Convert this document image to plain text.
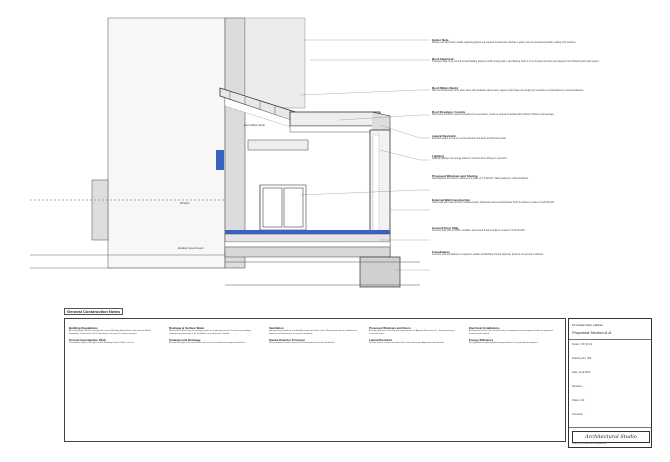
Roof (Warm deck)
Window
Existing Ground Level
Gutter Note
Please note that further details regarding gutters are required to determine whether a gutter may be incorporated within existing roof structure.
Roof Abutment
Proposed ridge to be formed at lead flashing abutment with existing wall. Lead flashing Code 4 to be dressed over tiles and stepped into brickwork joints and sealed.
Roof (Warm Deck)
Flat roof construction to be warm deck with insulation above deck, vapour control layer and single ply membrane to manufacturer's recommendations.
Roof Structure / Lintels
Roof joists at 400mm centres supported on steel beam. Lintels to engineer's details with minimum 150mm end bearings.
Lateral Restraint
Restraint straps at max 2m centres fixed to roof joists and built into walls.
Lighting
Artificial lighting to be energy efficient, minimum three fittings in extension.
Proposed Windows and Glazing
New windows and doors to achieve a U-value of 1.4 W/m2K. Safety glazing to critical locations.
External Wall Construction
Cavity wall with external brick, insulated cavity, blockwork inner leaf and plaster finish to achieve U-value of 0.28 W/m2K.
Ground Floor Slab
Concrete floor slab on DPM, insulation and screed finish to achieve U-value of 0.22 W/m2K.
Foundations
Concrete strip foundations to engineer's details and Building Control approval, depth to suit ground conditions.
General Construction Notes
Building Regulations
All construction work to comply with current Building Regulations and relevant British Standards. Dimensions to be checked on site prior to commencement.
Ground Investigation Work
Foundation depth to be agreed with Building Control Officer on site.
Drainage & Surface Water
Rainwater to discharge to existing system or soakaway at least 5m from any building. Underground drainage to be installed to manufacturer's details.
Underground Drainage
All new drainage to be laid to falls with access provided at changes of direction.
Ventilation
Background ventilation to habitable rooms by trickle vents. Mechanical extract ventilation to kitchens and bathrooms to current standards.
Smoke Detector Provision
Mains powered smoke alarms with battery back-up to be interlinked.
Proposed Windows and Doors
All new glazing to meet thermal requirements of Approved Document L. Safety glazing to critical locations.
Lateral Restraint
Provide lateral restraint at walls, floors and roof as per Approved Document A.
Electrical Installations
All electrical work to be carried out by a competent person registered with an approved scheme and certified.
Energy Efficiency
Energy efficient lighting and heating controls to be provided throughout.
19 Castle Park, Harlow
Proposed Section A-A
Scale: 1:50 @ A3
Drawing No: 003
Date: April 2024
Revision: -
Drawn: AS
Checked: -
Architectural Studio
Planning & Building Regulations
